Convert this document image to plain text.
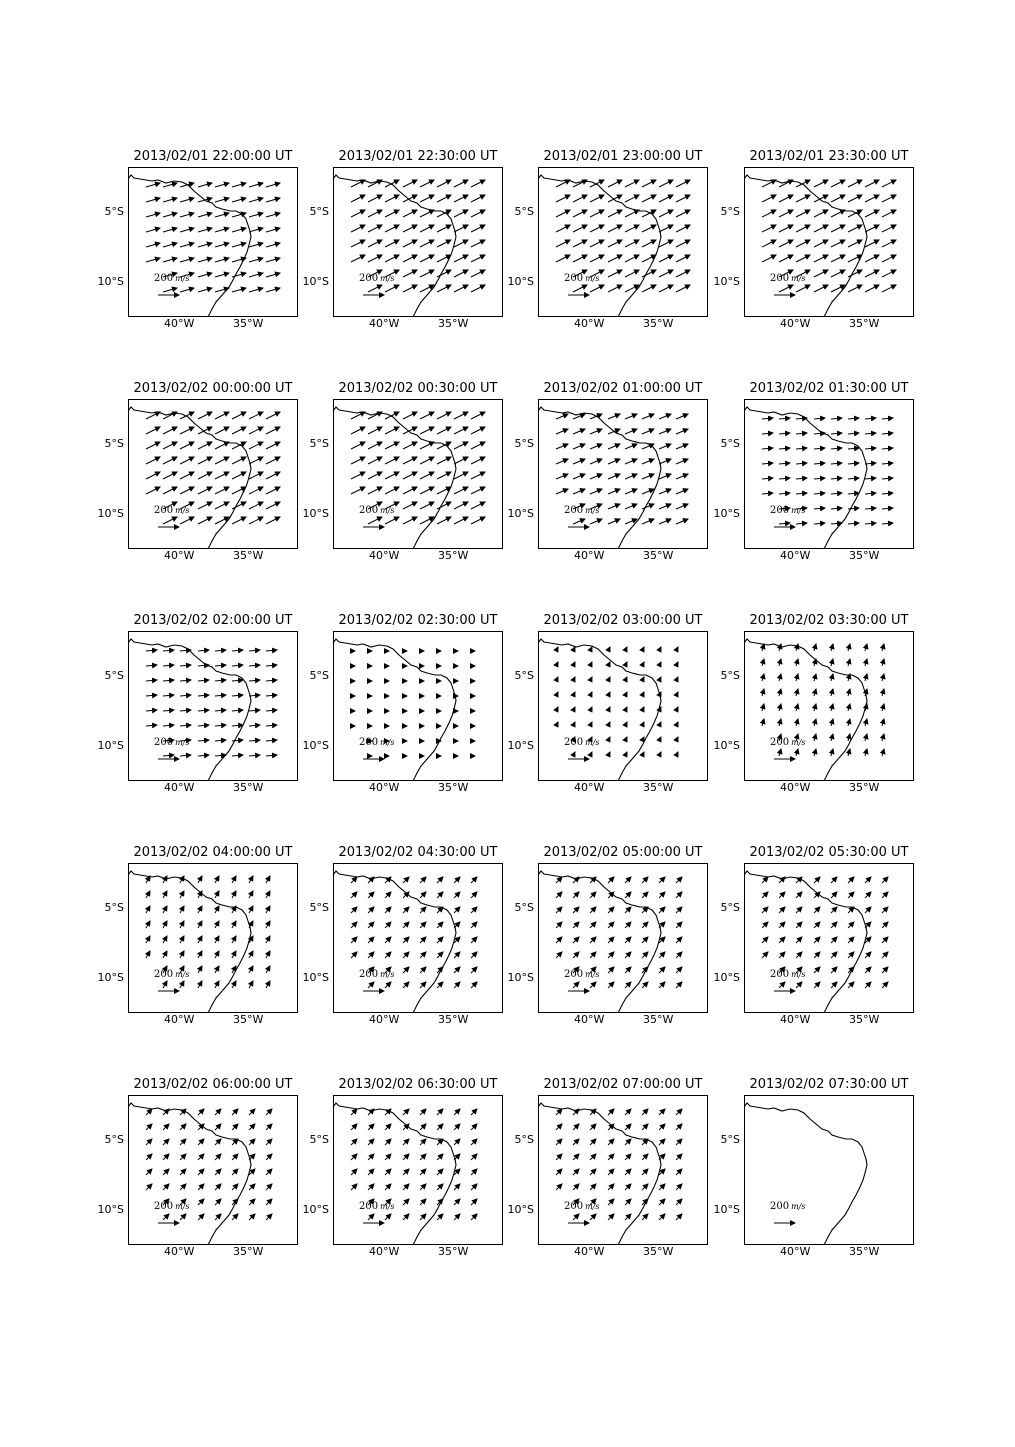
2013/02/01 22:00:00 UT
200 m/s
5°S
10°S
40°W	35°W
2013/02/01 22:30:00 UT
200 m/s
5°S
10°S
40°W	35°W
2013/02/01 23:00:00 UT
200 m/s
5°S
10°S
40°W	35°W
2013/02/01 23:30:00 UT
200 m/s
5°S
10°S
40°W	35°W
2013/02/02 00:00:00 UT
200 m/s
5°S
10°S
40°W	35°W
2013/02/02 00:30:00 UT
200 m/s
5°S
10°S
40°W	35°W
2013/02/02 01:00:00 UT
200 m/s
5°S
10°S
40°W	35°W
2013/02/02 01:30:00 UT
200 m/s
5°S
10°S
40°W	35°W
2013/02/02 02:00:00 UT
200 m/s
5°S
10°S
40°W	35°W
2013/02/02 02:30:00 UT
200 m/s
5°S
10°S
40°W	35°W
2013/02/02 03:00:00 UT
200 m/s
5°S
10°S
40°W	35°W
2013/02/02 03:30:00 UT
200 m/s
5°S
10°S
40°W	35°W
2013/02/02 04:00:00 UT
200 m/s
5°S
10°S
40°W	35°W
2013/02/02 04:30:00 UT
200 m/s
5°S
10°S
40°W	35°W
2013/02/02 05:00:00 UT
200 m/s
5°S
10°S
40°W	35°W
2013/02/02 05:30:00 UT
200 m/s
5°S
10°S
40°W	35°W
2013/02/02 06:00:00 UT
200 m/s
5°S
10°S
40°W	35°W
2013/02/02 06:30:00 UT
200 m/s
5°S
10°S
40°W	35°W
2013/02/02 07:00:00 UT
200 m/s
5°S
10°S
40°W	35°W
2013/02/02 07:30:00 UT
200 m/s
5°S
10°S
40°W	35°W
